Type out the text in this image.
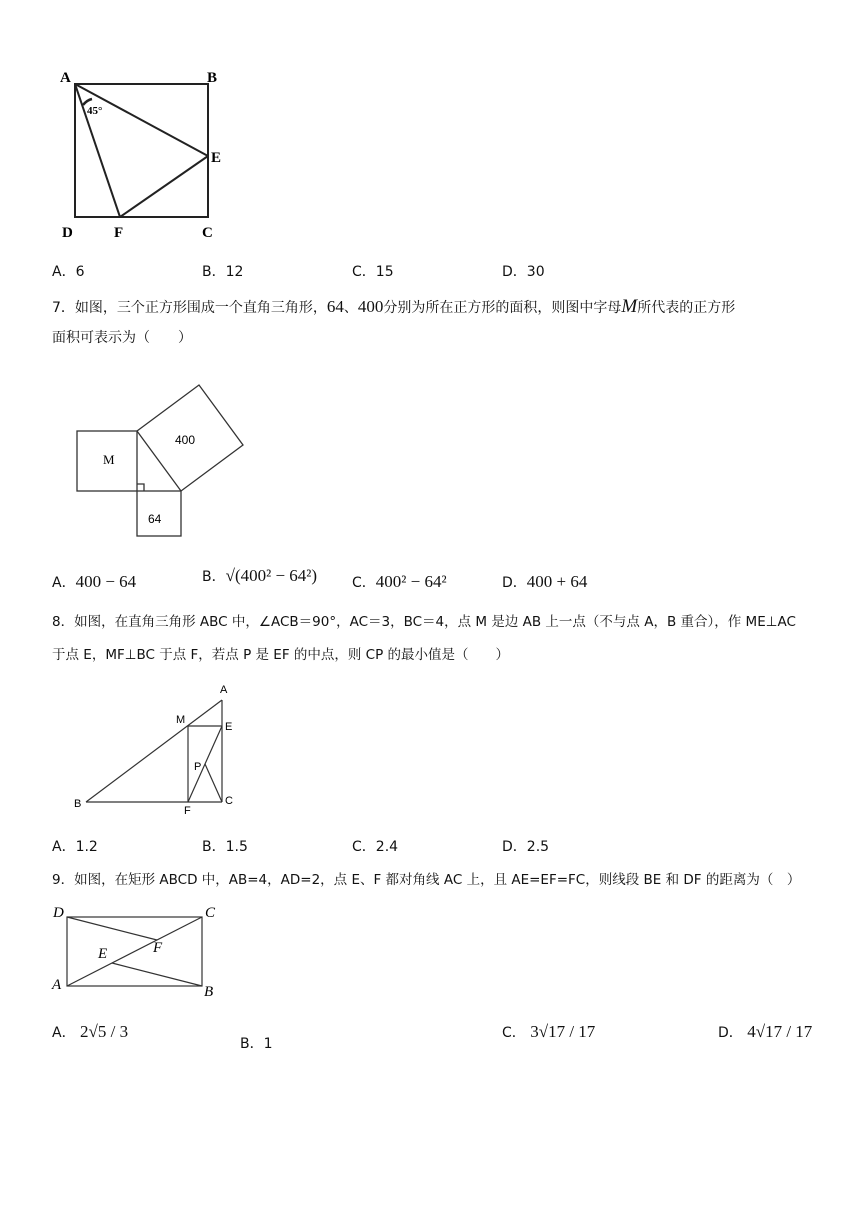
A	B
E
D	F	C
45°
A．6	B．12	C．15	D．30
7．如图，三个正方形围成一个直角三角形，64、400分别为所在正方形的面积，则图中字母M所代表的正方形
面积可表示为（　　）
M
400
64
A．400 − 64	B．√(400² − 64²) C．400² − 64²	D．400 + 64
8．如图，在直角三角形 ABC 中，∠ACB＝90°，AC＝3，BC＝4，点 M 是边 AB 上一点（不与点 A，B 重合），作 ME⊥AC
于点 E，MF⊥BC 于点 F，若点 P 是 EF 的中点，则 CP 的最小值是（　　）
A
M
E
P
C
B
F
A．1.2	B．1.5	C．2.4	D．2.5
9．如图，在矩形 ABCD 中，AB=4，AD=2，点 E、F 都对角线 AC 上，且 AE=EF=FC，则线段 BE 和 DF 的距离为（　）
D	C
F
E
A	B
A． 2√5 / 3
B．1
C． 3√17 / 17	D． 4√17 / 17
